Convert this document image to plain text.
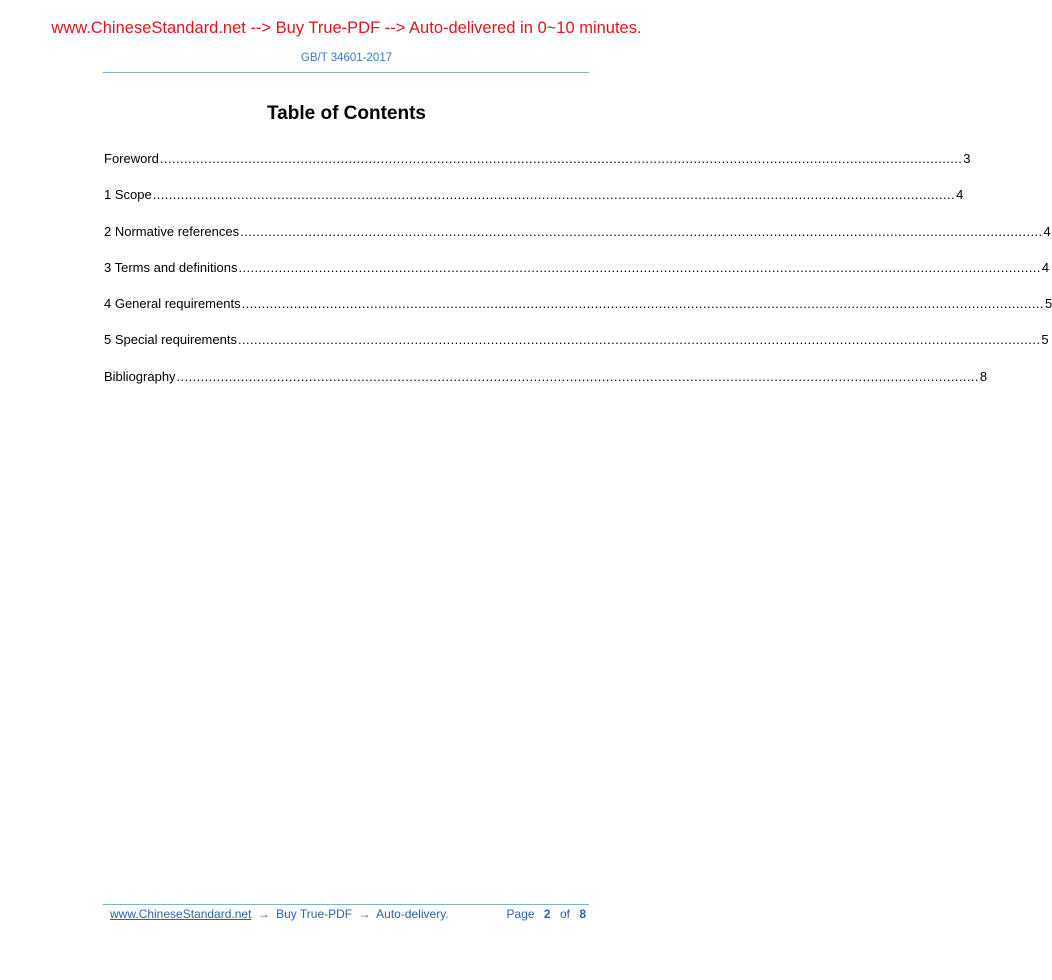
www.ChineseStandard.net --> Buy True-PDF --> Auto-delivered in 0~10 minutes.
GB/T 34601-2017
Table of Contents
Foreword ........................................................................................................................................................................................................ 3
1 Scope ........................................................................................................................................................................................................ 4
2 Normative references ........................................................................................................................................................................................................ 4
3 Terms and definitions ........................................................................................................................................................................................................ 4
4 General requirements ........................................................................................................................................................................................................ 5
5 Special requirements ........................................................................................................................................................................................................ 5
Bibliography ........................................................................................................................................................................................................ 8
www.ChineseStandard.net → Buy True-PDF → Auto-delivery.	Page 2 of 8
